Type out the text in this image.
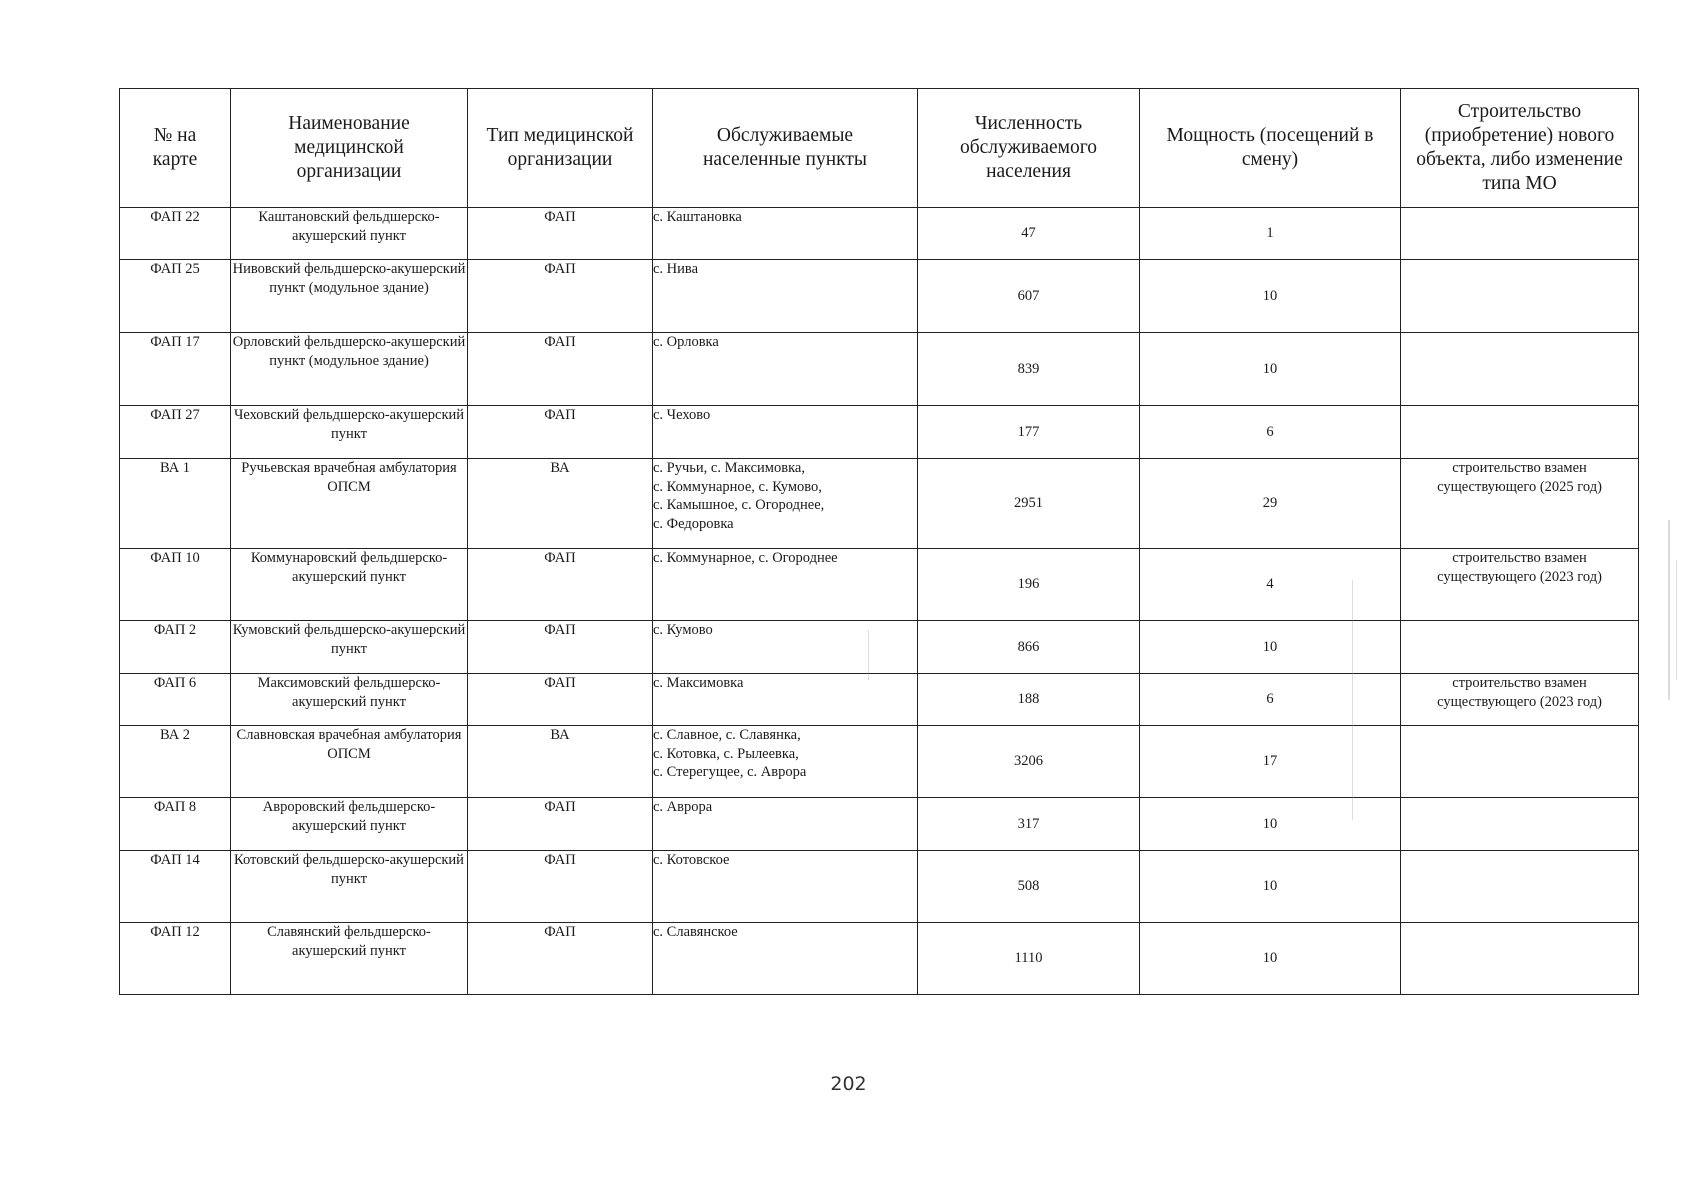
№ на карте	Наименование медицинской организации	Тип медицинской организации	Обслуживаемые населенные пункты	Численность обслуживаемого населения	Мощность (посещений в смену)	Строительство (приобретение) нового объекта, либо изменение типа МО
ФАП 22	Каштановский фельдшерско-акушерский пункт	ФАП	с. Каштановка	47	1	
ФАП 25	Нивовский фельдшерско-акушерский пункт (модульное здание)	ФАП	с. Нива	607	10	
ФАП 17	Орловский фельдшерско-акушерский пункт (модульное здание)	ФАП	с. Орловка	839	10	
ФАП 27	Чеховский фельдшерско-акушерский пункт	ФАП	с. Чехово	177	6	
ВА 1	Ручьевская врачебная амбулатория ОПСМ	ВА	с. Ручьи, с. Максимовка,
с. Коммунарное, с. Кумово,
с. Камышное, с. Огороднее,
с. Федоровка	2951	29	строительство взамен
существующего (2025 год)

ФАП 10	Коммунаровский фельдшерско- акушерский пункт	ФАП	с. Коммунарное, с. Огороднее	196	4	строительство взамен
существующего (2023 год)

ФАП 2	Кумовский фельдшерско-акушерский пункт	ФАП	с. Кумово	866	10	
ФАП 6	Максимовский фельдшерско-акушерский пункт	ФАП	с. Максимовка	188	6	строительство взамен
существующего (2023 год)

ВА 2	Славновская врачебная амбулатория ОПСМ	ВА	с. Славное, с. Славянка,
с. Котовка, с. Рылеевка,
с. Стерегущее, с. Аврора	3206	17	
ФАП 8	Авроровский фельдшерско-акушерский пункт	ФАП	с. Аврора	317	10	
ФАП 14	Котовский фельдшерско-акушерский пункт	ФАП	с. Котовское	508	10	
ФАП 12	Славянский фельдшерско-акушерский пункт	ФАП	с. Славянское	1110	10	
202
